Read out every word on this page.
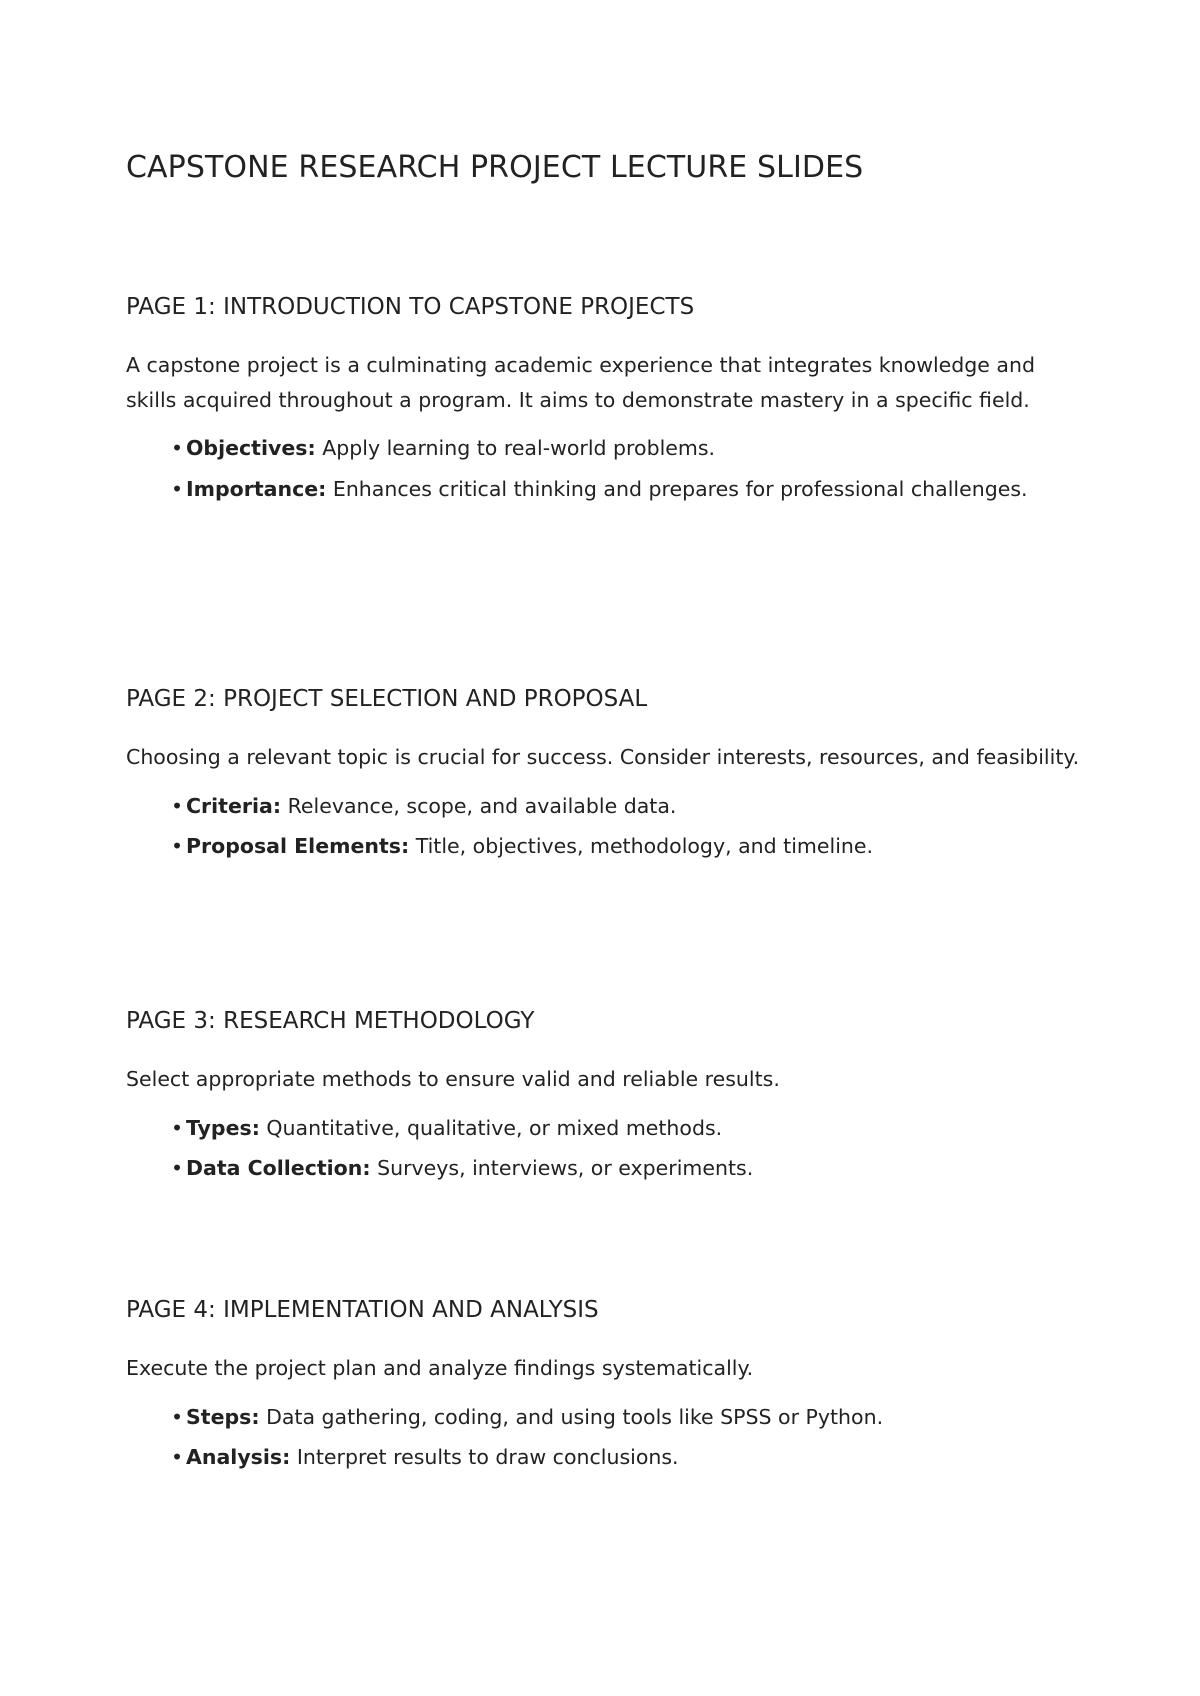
CAPSTONE RESEARCH PROJECT LECTURE SLIDES
PAGE 1: INTRODUCTION TO CAPSTONE PROJECTS

A capstone project is a culminating academic experience that integrates knowledge and skills acquired throughout a program. It aims to demonstrate mastery in a specific field.

• Objectives: Apply learning to real-world problems.
• Importance: Enhances critical thinking and prepares for professional challenges.
PAGE 2: PROJECT SELECTION AND PROPOSAL

Choosing a relevant topic is crucial for success. Consider interests, resources, and feasibility.

• Criteria: Relevance, scope, and available data.
• Proposal Elements: Title, objectives, methodology, and timeline.
PAGE 3: RESEARCH METHODOLOGY

Select appropriate methods to ensure valid and reliable results.

• Types: Quantitative, qualitative, or mixed methods.
• Data Collection: Surveys, interviews, or experiments.
PAGE 4: IMPLEMENTATION AND ANALYSIS

Execute the project plan and analyze findings systematically.

• Steps: Data gathering, coding, and using tools like SPSS or Python.
• Analysis: Interpret results to draw conclusions.
